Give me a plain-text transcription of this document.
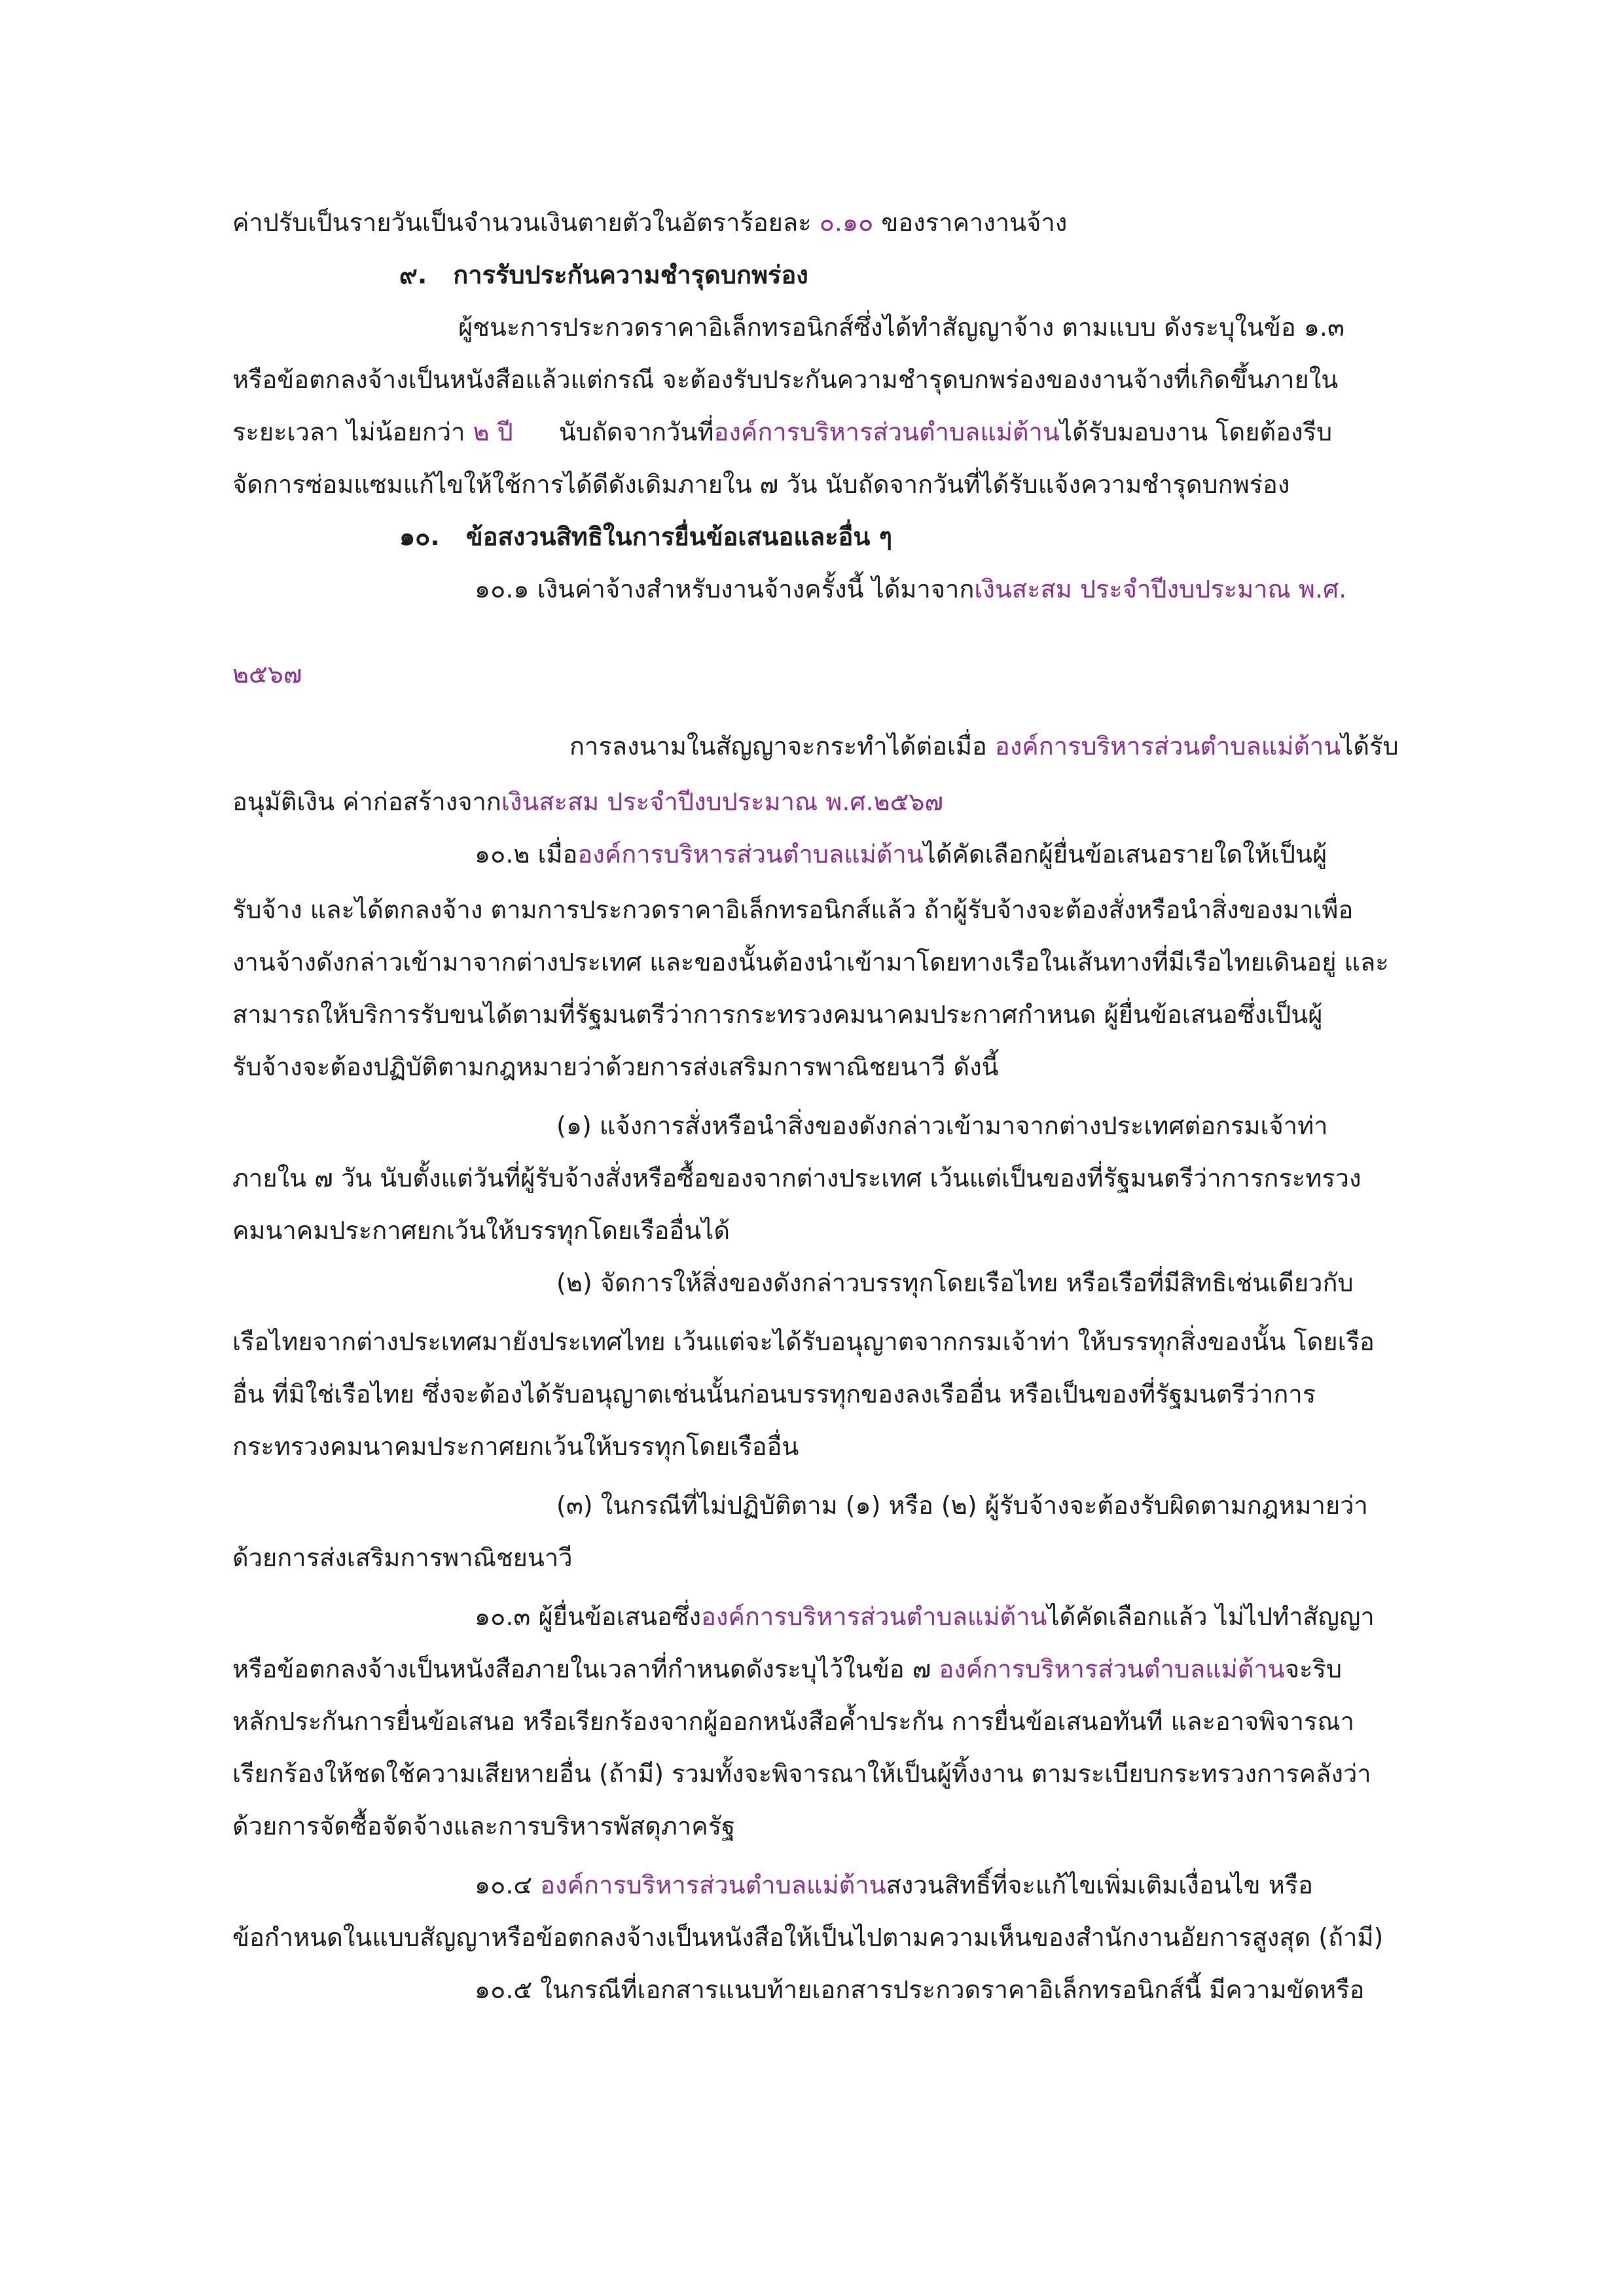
ค่าปรับเป็นรายวันเป็นจำนวนเงินตายตัวในอัตราร้อยละ ๐.๑๐ ของราคางานจ้าง
๙. การรับประกันความชำรุดบกพร่อง
ผู้ชนะการประกวดราคาอิเล็กทรอนิกส์ซึ่งได้ทำสัญญาจ้าง ตามแบบ ดังระบุในข้อ ๑.๓
หรือข้อตกลงจ้างเป็นหนังสือแล้วแต่กรณี จะต้องรับประกันความชำรุดบกพร่องของงานจ้างที่เกิดขึ้นภายใน
ระยะเวลา ไม่น้อยกว่า ๒ ปี นับถัดจากวันที่องค์การบริหารส่วนตำบลแม่ต้านได้รับมอบงาน โดยต้องรีบ
จัดการซ่อมแซมแก้ไขให้ใช้การได้ดีดังเดิมภายใน ๗ วัน นับถัดจากวันที่ได้รับแจ้งความชำรุดบกพร่อง
๑๐. ข้อสงวนสิทธิในการยื่นข้อเสนอและอื่น ๆ
๑๐.๑ เงินค่าจ้างสำหรับงานจ้างครั้งนี้ ได้มาจากเงินสะสม ประจำปีงบประมาณ พ.ศ.
๒๕๖๗
การลงนามในสัญญาจะกระทำได้ต่อเมื่อ องค์การบริหารส่วนตำบลแม่ต้านได้รับ
อนุมัติเงิน ค่าก่อสร้างจากเงินสะสม ประจำปีงบประมาณ พ.ศ.๒๕๖๗
๑๐.๒ เมื่อองค์การบริหารส่วนตำบลแม่ต้านได้คัดเลือกผู้ยื่นข้อเสนอรายใดให้เป็นผู้
รับจ้าง และได้ตกลงจ้าง ตามการประกวดราคาอิเล็กทรอนิกส์แล้ว ถ้าผู้รับจ้างจะต้องสั่งหรือนำสิ่งของมาเพื่อ
งานจ้างดังกล่าวเข้ามาจากต่างประเทศ และของนั้นต้องนำเข้ามาโดยทางเรือในเส้นทางที่มีเรือไทยเดินอยู่ และ
สามารถให้บริการรับขนได้ตามที่รัฐมนตรีว่าการกระทรวงคมนาคมประกาศกำหนด ผู้ยื่นข้อเสนอซึ่งเป็นผู้
รับจ้างจะต้องปฏิบัติตามกฎหมายว่าด้วยการส่งเสริมการพาณิชยนาวี ดังนี้
(๑) แจ้งการสั่งหรือนำสิ่งของดังกล่าวเข้ามาจากต่างประเทศต่อกรมเจ้าท่า
ภายใน ๗ วัน นับตั้งแต่วันที่ผู้รับจ้างสั่งหรือซื้อของจากต่างประเทศ เว้นแต่เป็นของที่รัฐมนตรีว่าการกระทรวง
คมนาคมประกาศยกเว้นให้บรรทุกโดยเรืออื่นได้
(๒) จัดการให้สิ่งของดังกล่าวบรรทุกโดยเรือไทย หรือเรือที่มีสิทธิเช่นเดียวกับ
เรือไทยจากต่างประเทศมายังประเทศไทย เว้นแต่จะได้รับอนุญาตจากกรมเจ้าท่า ให้บรรทุกสิ่งของนั้น โดยเรือ
อื่น ที่มิใช่เรือไทย ซึ่งจะต้องได้รับอนุญาตเช่นนั้นก่อนบรรทุกของลงเรืออื่น หรือเป็นของที่รัฐมนตรีว่าการ
กระทรวงคมนาคมประกาศยกเว้นให้บรรทุกโดยเรืออื่น
(๓) ในกรณีที่ไม่ปฏิบัติตาม (๑) หรือ (๒) ผู้รับจ้างจะต้องรับผิดตามกฎหมายว่า
ด้วยการส่งเสริมการพาณิชยนาวี
๑๐.๓ ผู้ยื่นข้อเสนอซึ่งองค์การบริหารส่วนตำบลแม่ต้านได้คัดเลือกแล้ว ไม่ไปทำสัญญา
หรือข้อตกลงจ้างเป็นหนังสือภายในเวลาที่กำหนดดังระบุไว้ในข้อ ๗ องค์การบริหารส่วนตำบลแม่ต้านจะริบ
หลักประกันการยื่นข้อเสนอ หรือเรียกร้องจากผู้ออกหนังสือค้ำประกัน การยื่นข้อเสนอทันที และอาจพิจารณา
เรียกร้องให้ชดใช้ความเสียหายอื่น (ถ้ามี) รวมทั้งจะพิจารณาให้เป็นผู้ทิ้งงาน ตามระเบียบกระทรวงการคลังว่า
ด้วยการจัดซื้อจัดจ้างและการบริหารพัสดุภาครัฐ
๑๐.๔ องค์การบริหารส่วนตำบลแม่ต้านสงวนสิทธิ์ที่จะแก้ไขเพิ่มเติมเงื่อนไข หรือ
ข้อกำหนดในแบบสัญญาหรือข้อตกลงจ้างเป็นหนังสือให้เป็นไปตามความเห็นของสำนักงานอัยการสูงสุด (ถ้ามี)
๑๐.๕ ในกรณีที่เอกสารแนบท้ายเอกสารประกวดราคาอิเล็กทรอนิกส์นี้ มีความขัดหรือ
